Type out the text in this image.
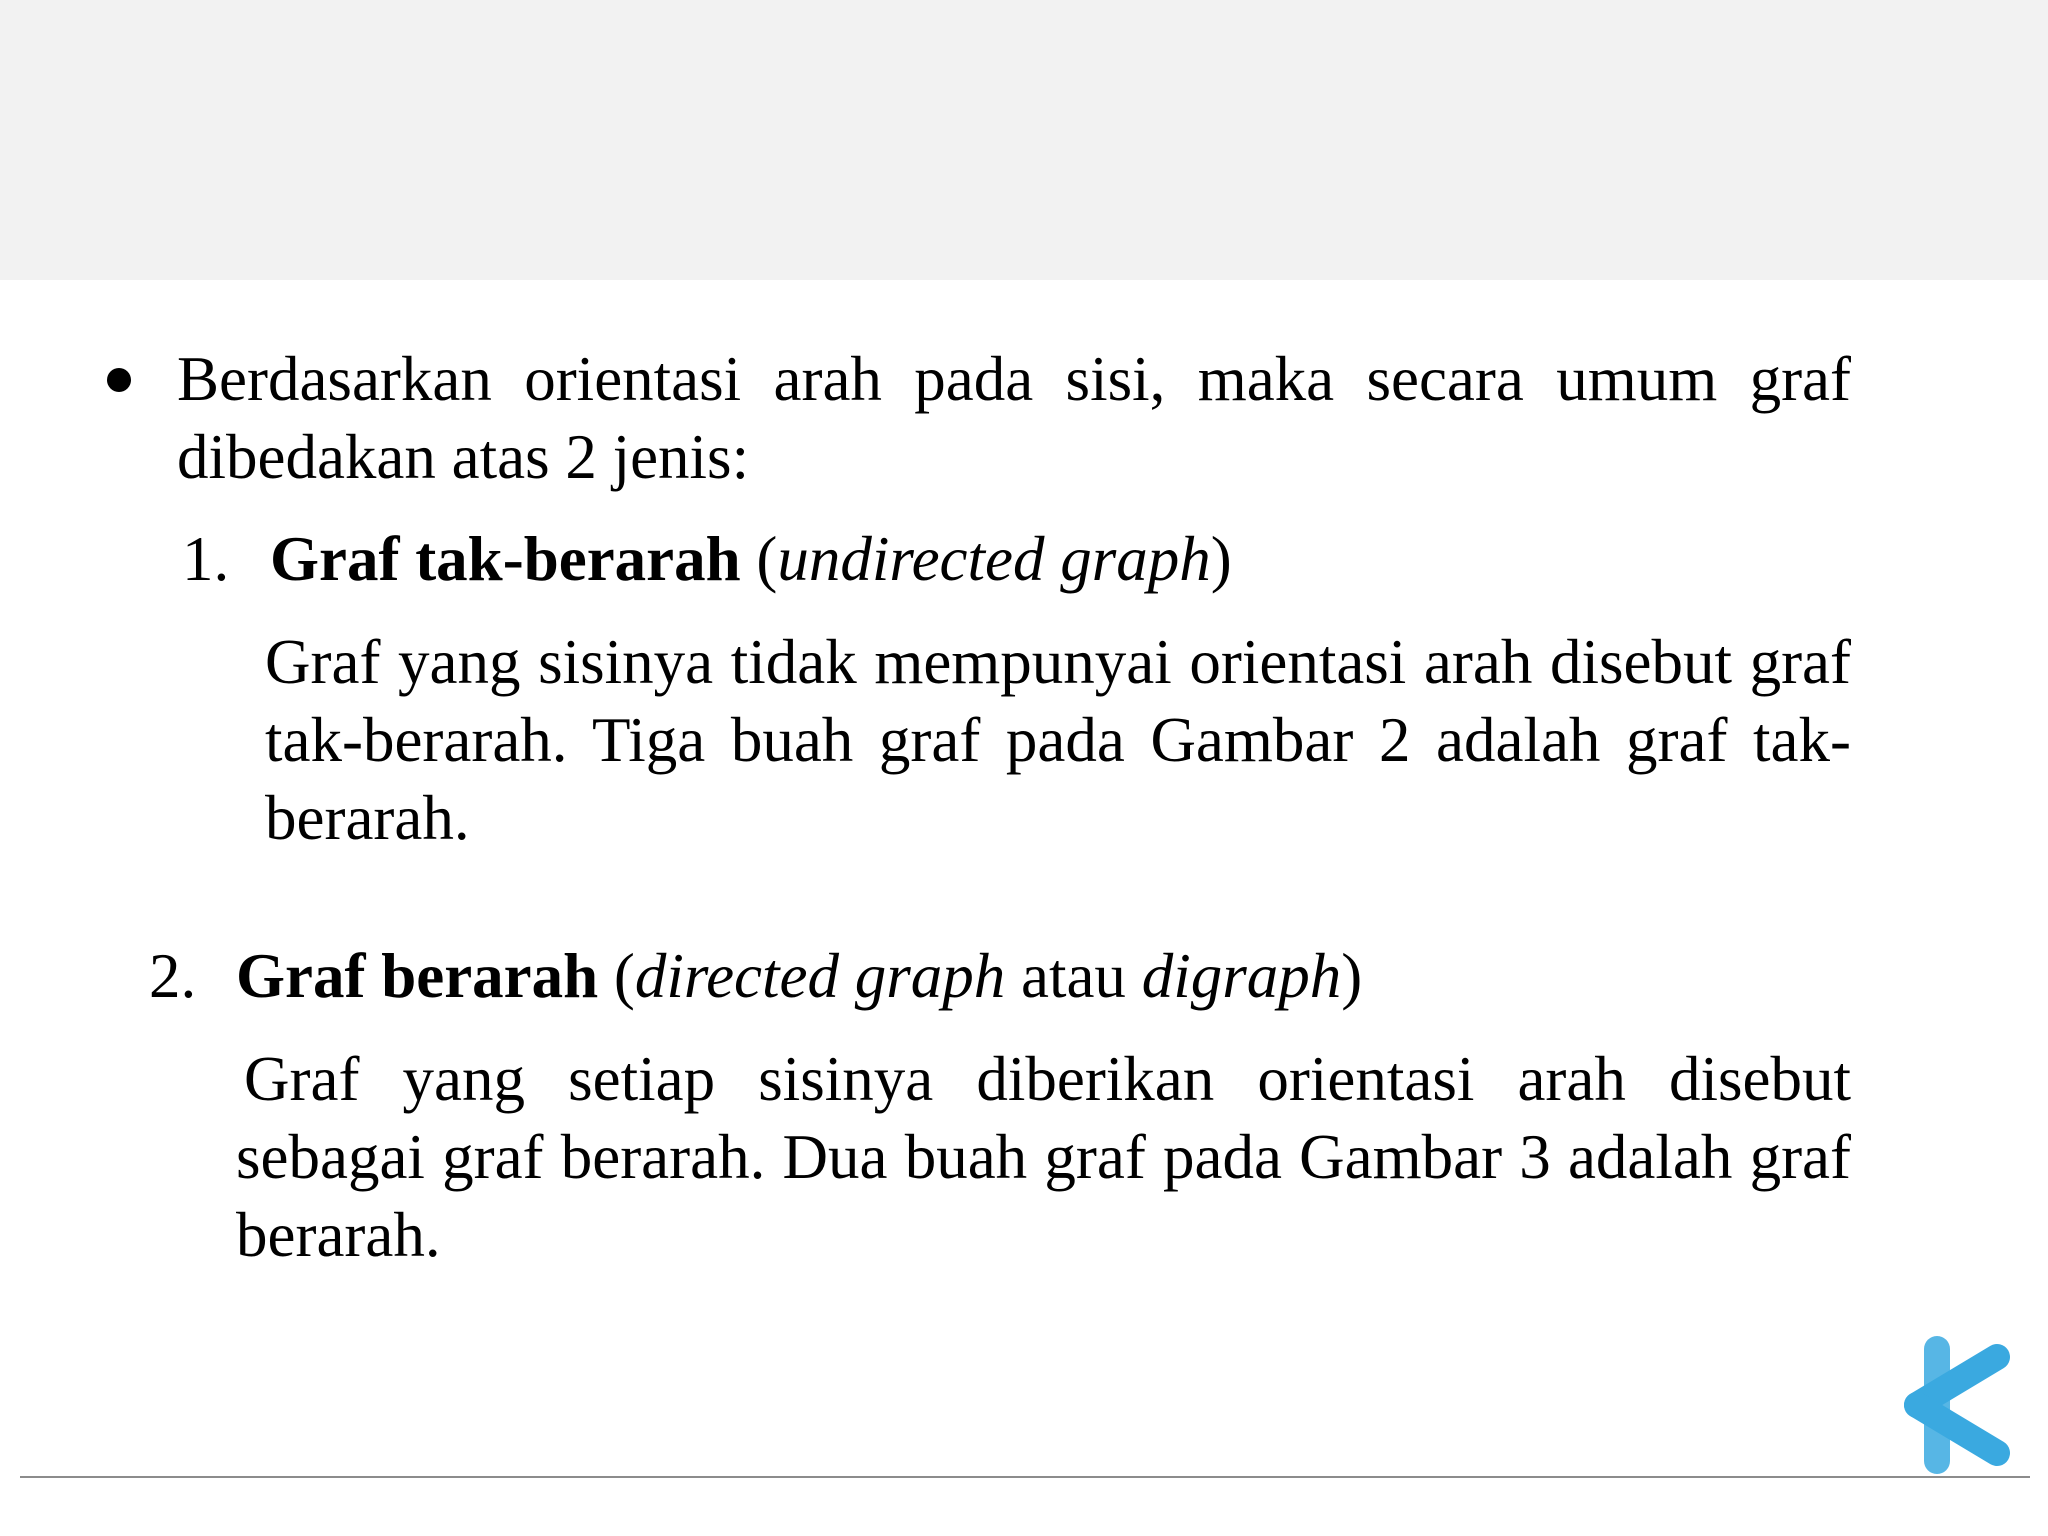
Berdasarkan orientasi arah pada sisi, maka secara umum graf dibedakan atas 2 jenis:
1. Graf tak-berarah (undirected graph)
Graf yang sisinya tidak mempunyai orientasi arah disebut graf tak-berarah. Tiga buah graf pada Gambar 2 adalah graf tak-berarah.
2. Graf berarah (directed graph atau digraph)
Graf yang setiap sisinya diberikan orientasi arah disebut sebagai graf berarah. Dua buah graf pada Gambar 3 adalah graf berarah.
